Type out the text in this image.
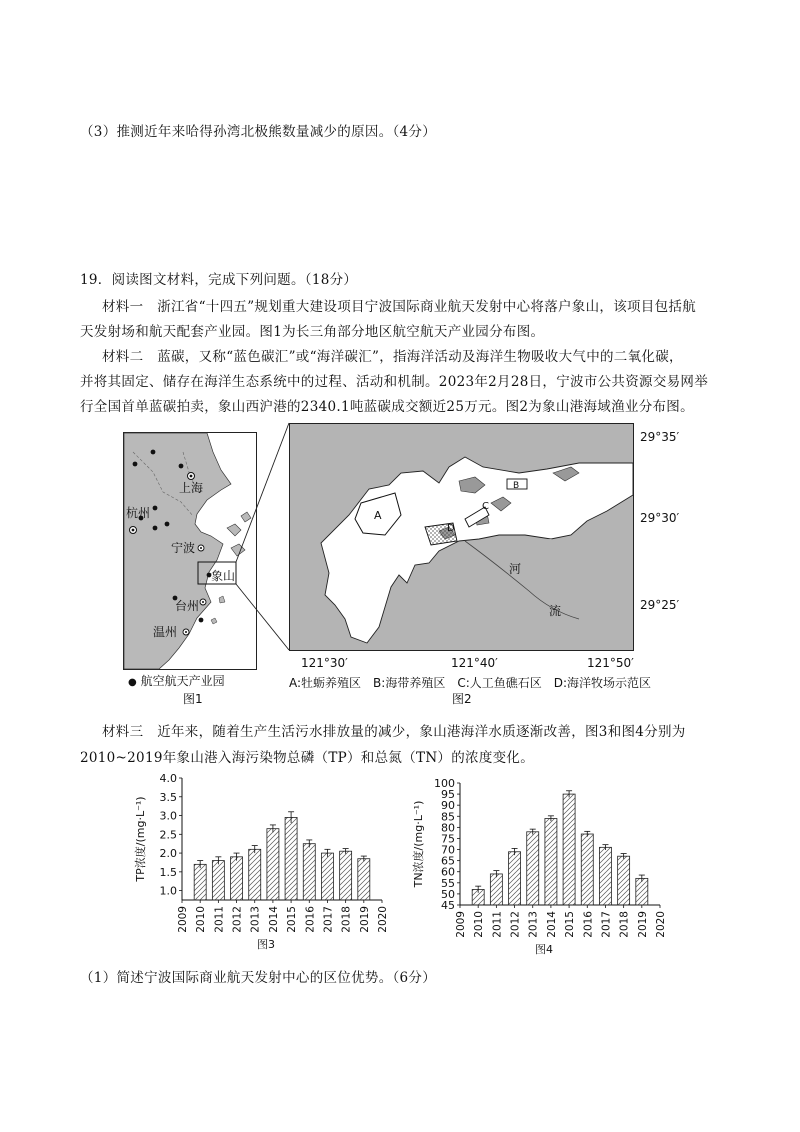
（3）推测近年来哈得孙湾北极熊数量减少的原因。（4分）
19．阅读图文材料，完成下列问题。（18分）
材料一　浙江省“十四五”规划重大建设项目宁波国际商业航天发射中心将落户象山，该项目包括航
天发射场和航天配套产业园。图1为长三角部分地区航空航天产业园分布图。
材料二　蓝碳，又称“蓝色碳汇”或“海洋碳汇”，指海洋活动及海洋生物吸收大气中的二氧化碳，
并将其固定、储存在海洋生态系统中的过程、活动和机制。2023年2月28日，宁波市公共资源交易网举
行全国首单蓝碳拍卖，象山西沪港的2340.1吨蓝碳成交额近25万元。图2为象山港海域渔业分布图。
上海
杭州
宁波
台州
温州
象山
A
B
C
D
河
流
29°35′
29°30′
29°25′
121°30′	121°40′	121°50′
● 航空航天产业园
图1
A:牡蛎养殖区　B:海带养殖区　C:人工鱼礁石区　D:海洋牧场示范区
图2
材料三　近年来，随着生产生活污水排放量的减少，象山港海洋水质逐渐改善，图3和图4分别为
2010~2019年象山港入海污染物总磷（TP）和总氮（TN）的浓度变化。
4.0
3.5
3.0
2.5
2.0
1.5
1.0
2009 2010 2011 2012 2013 2014 2015 2016 2017 2018 2019 2020
TP浓度/(mg·L⁻¹)
图3
100
95
90
85
80
75
70
65
60
55
50
45
2009 2010 2011 2012 2013 2014 2015 2016 2017 2018 2019 2020
TN浓度/(mg·L⁻¹)
图4
（1）简述宁波国际商业航天发射中心的区位优势。（6分）
